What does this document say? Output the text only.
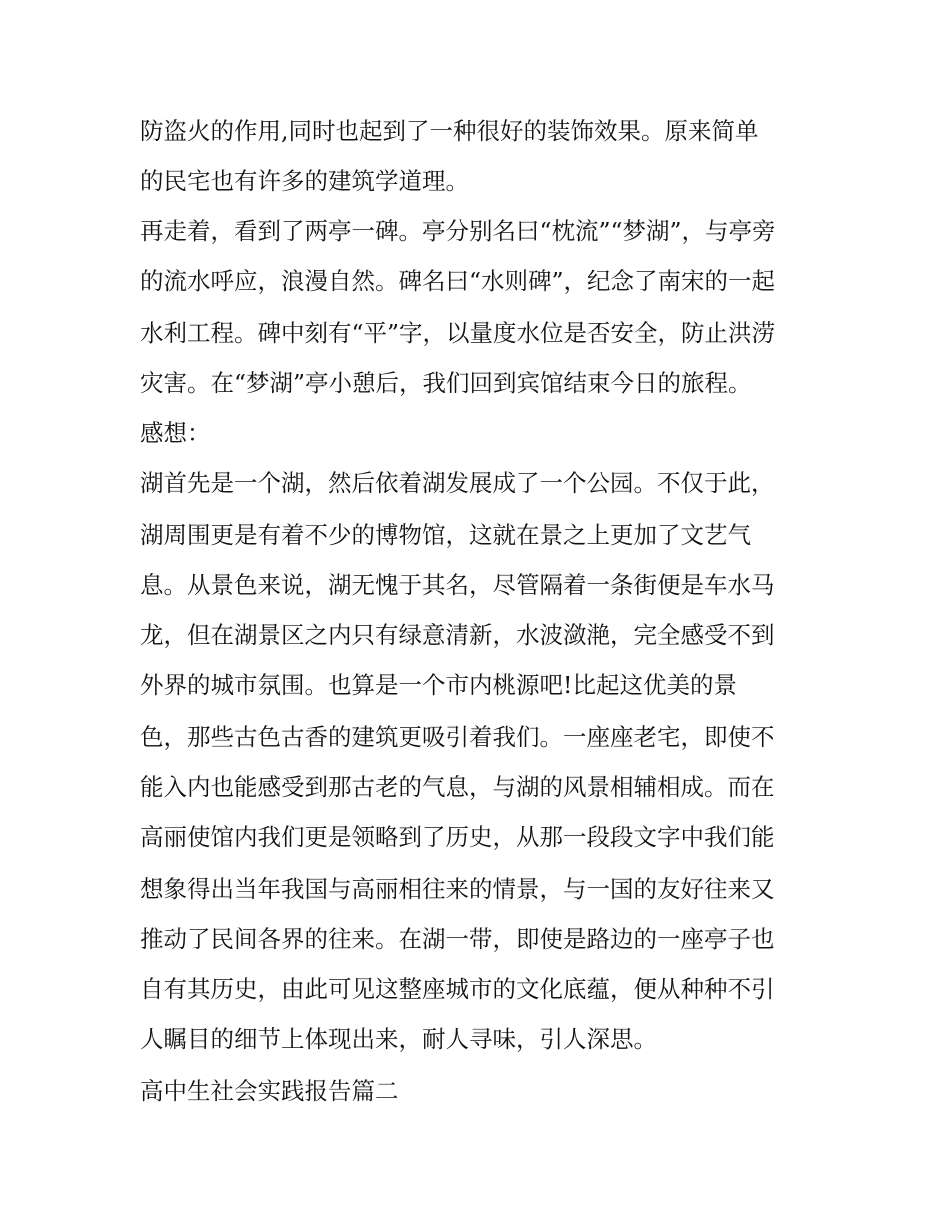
防盗火的作用,同时也起到了一种很好的装饰效果。原来简单

的民宅也有许多的建筑学道理。

再走着，看到了两亭一碑。亭分别名曰“枕流”“梦湖”，与亭旁

的流水呼应，浪漫自然。碑名曰“水则碑”，纪念了南宋的一起

水利工程。碑中刻有“平”字，以量度水位是否安全，防止洪涝

灾害。在“梦湖”亭小憩后，我们回到宾馆结束今日的旅程。

感想：

湖首先是一个湖，然后依着湖发展成了一个公园。不仅于此，

湖周围更是有着不少的博物馆，这就在景之上更加了文艺气

息。从景色来说，湖无愧于其名，尽管隔着一条街便是车水马

龙，但在湖景区之内只有绿意清新，水波潋滟，完全感受不到

外界的城市氛围。也算是一个市内桃源吧!比起这优美的景

色，那些古色古香的建筑更吸引着我们。一座座老宅，即使不

能入内也能感受到那古老的气息，与湖的风景相辅相成。而在

高丽使馆内我们更是领略到了历史，从那一段段文字中我们能

想象得出当年我国与高丽相往来的情景，与一国的友好往来又

推动了民间各界的往来。在湖一带，即使是路边的一座亭子也

自有其历史，由此可见这整座城市的文化底蕴，便从种种不引

人瞩目的细节上体现出来，耐人寻味，引人深思。

高中生社会实践报告篇二
